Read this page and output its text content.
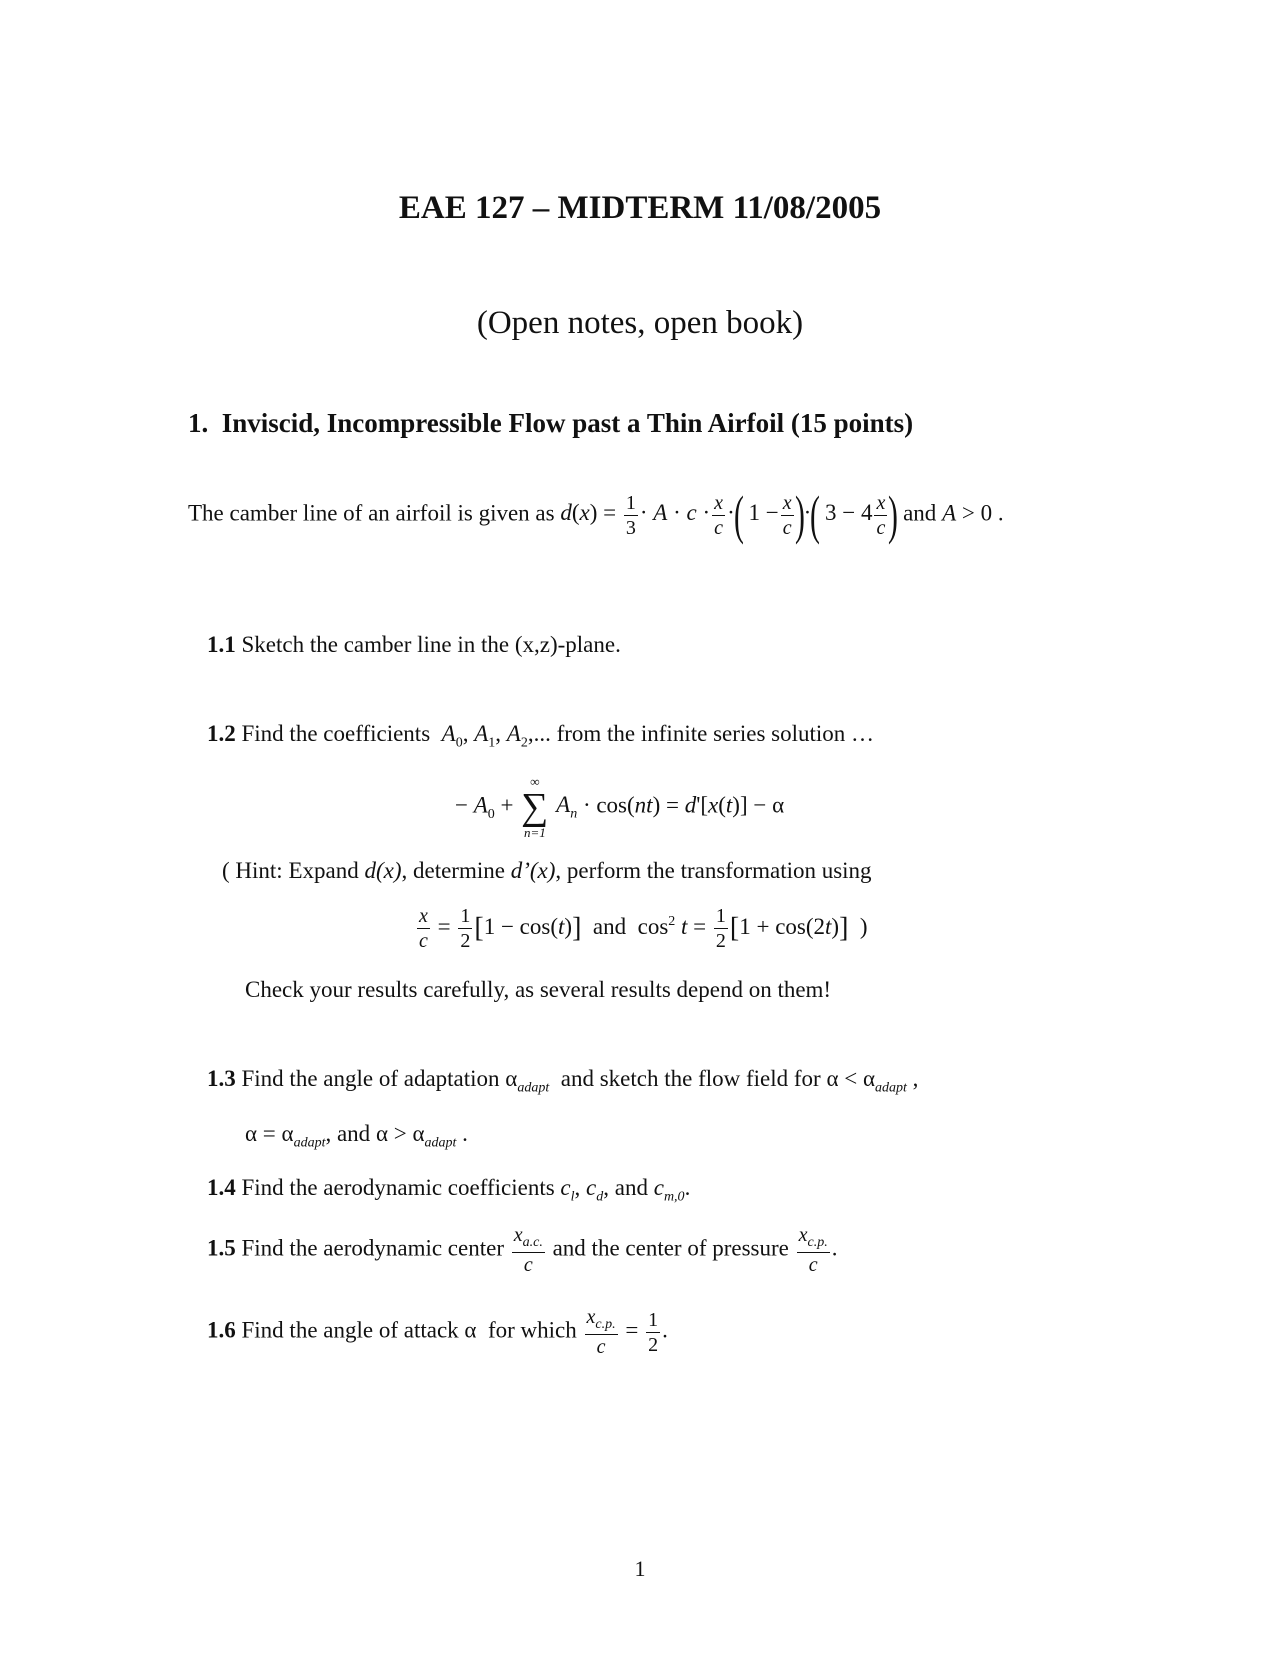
EAE 127 – MIDTERM 11/08/2005
(Open notes, open book)
1. Inviscid, Incompressible Flow past a Thin Airfoil (15 points)
The camber line of an airfoil is given as $d(x) = \frac{1}{3} \cdot A \cdot c \cdot \frac{x}{c}$ ·( $1 - \frac{x}{c}$ )·( $3 - 4 \frac{x}{c}$ ) and A > 0 .
1.1 Sketch the camber line in the (x,z)-plane.
1.2 Find the coefficients $A_0$, $A_1$, $A_2$,... from the infinite series solution …
− $A_0$ +
∞
∑
n=1
$A_n \cdot \cos(nt) = d'[x(t)] - \alpha$
( Hint: Expand d(x), determine d’(x), perform the transformation using
$\frac{x}{c} = \frac{1}{2} [1 - \cos(t)]$ and  $\cos^2 t = \frac{1}{2} [1 + \cos(2t)]$ )
Check your results carefully, as several results depend on them!
1.3 Find the angle of adaptation $\alpha_{adapt}$ and sketch the flow field for $\alpha < \alpha_{adapt}$ ,
$\alpha = \alpha_{adapt}$, and $\alpha > \alpha_{adapt}$ .
1.4 Find the aerodynamic coefficients $c_l$, $c_d$, and $c_{m,0}$.
1.5 Find the aerodynamic center $\frac{x_{a.c.}}{c}$ and the center of pressure $\frac{x_{c.p.}}{c}$ .
1.6 Find the angle of attack α  for which $\frac{x_{c.p.}}{c} = \frac{1}{2}$ .
1
